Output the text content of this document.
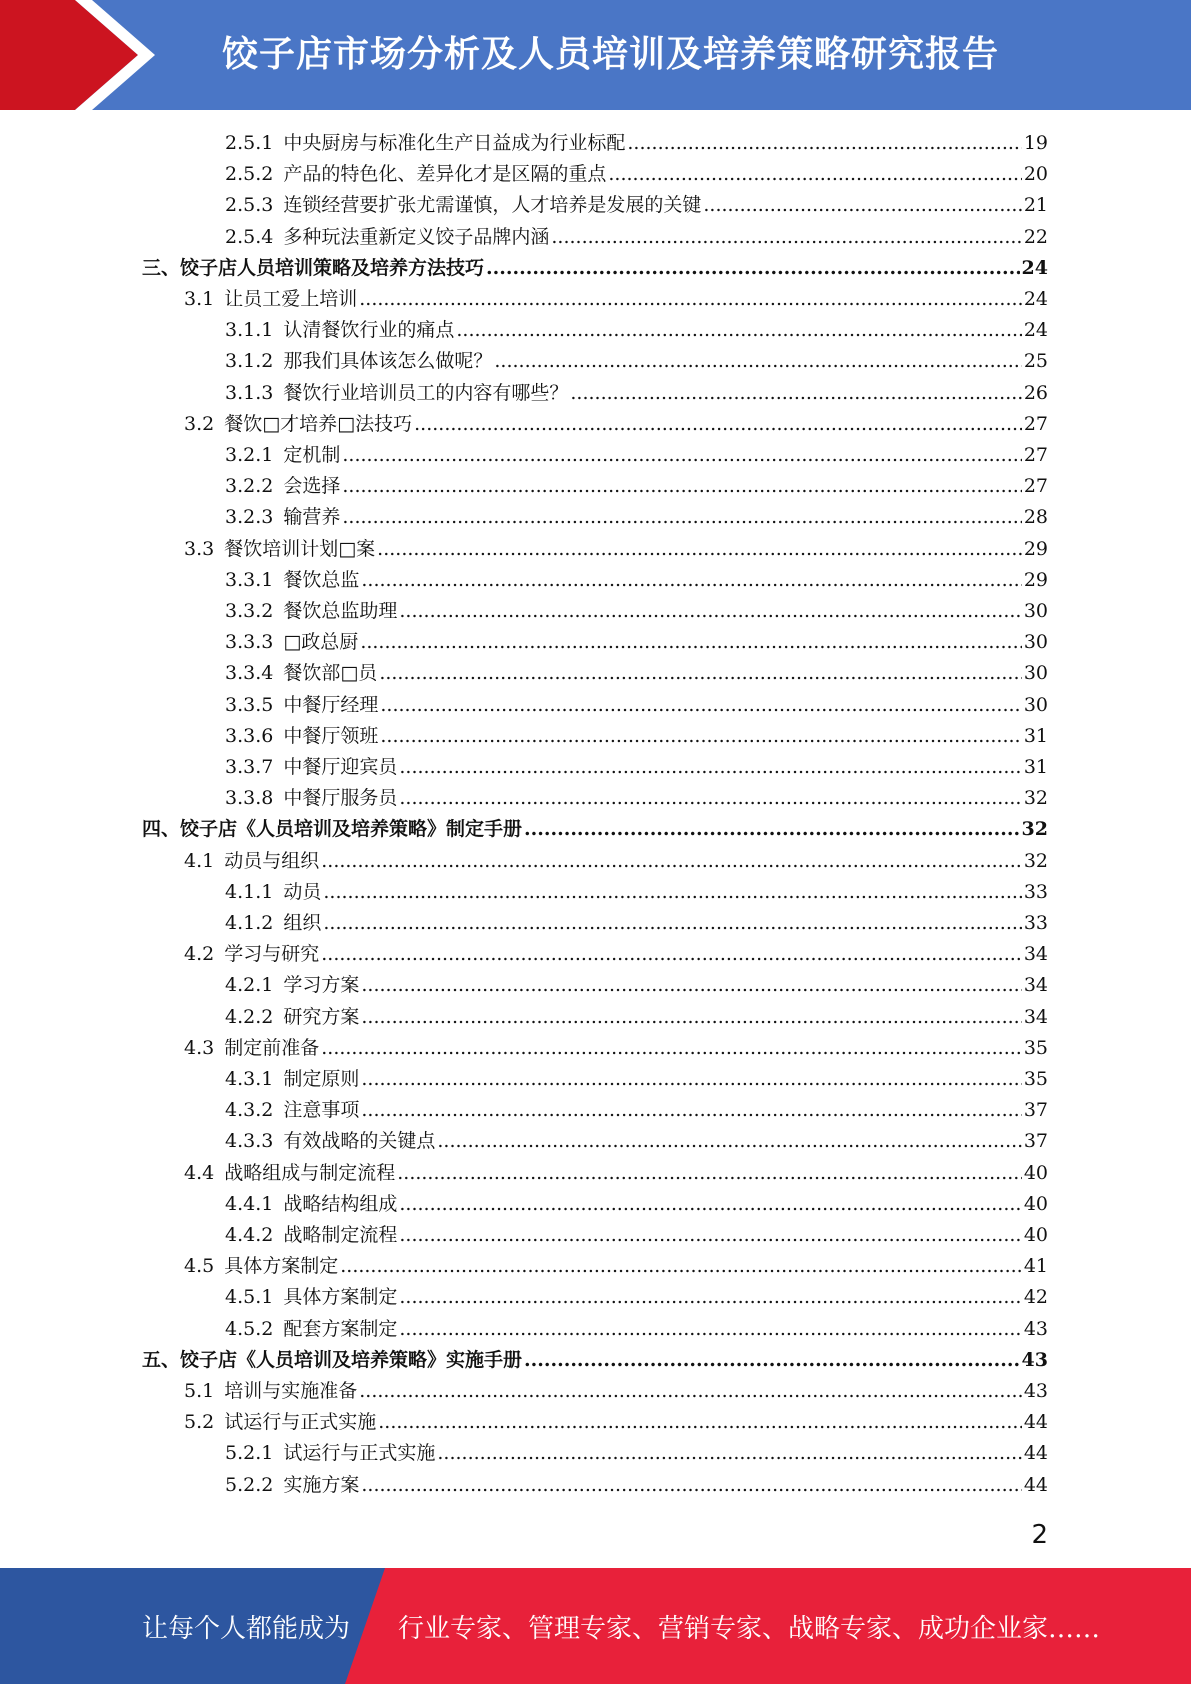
饺子店市场分析及人员培训及培养策略研究报告
2.5.1 中央厨房与标准化生产日益成为行业标配 .....	19
2.5.2 产品的特色化、差异化才是区隔的重点 .....	20
2.5.3 连锁经营要扩张尤需谨慎，人才培养是发展的关键 .....	21
2.5.4 多种玩法重新定义饺子品牌内涵 .....	22
三、饺子店人员培训策略及培养方法技巧 .....	24
3.1 让员工爱上培训 .....	24
3.1.1 认清餐饮行业的痛点 .....	24
3.1.2 那我们具体该怎么做呢？ .....	25
3.1.3 餐饮行业培训员工的内容有哪些？ .....	26
3.2 餐饮□才培养□法技巧 .....	27
3.2.1 定机制 .....	27
3.2.2 会选择 .....	27
3.2.3 输营养 .....	28
3.3 餐饮培训计划□案 .....	29
3.3.1 餐饮总监 .....	29
3.3.2 餐饮总监助理 .....	30
3.3.3 □政总厨 .....	30
3.3.4 餐饮部□员 .....	30
3.3.5 中餐厅经理 .....	30
3.3.6 中餐厅领班 .....	31
3.3.7 中餐厅迎宾员 .....	31
3.3.8 中餐厅服务员 .....	32
四、饺子店《人员培训及培养策略》制定手册 .....	32
4.1 动员与组织 .....	32
4.1.1 动员 .....	33
4.1.2 组织 .....	33
4.2 学习与研究 .....	34
4.2.1 学习方案 .....	34
4.2.2 研究方案 .....	34
4.3 制定前准备 .....	35
4.3.1 制定原则 .....	35
4.3.2 注意事项 .....	37
4.3.3 有效战略的关键点 .....	37
4.4 战略组成与制定流程 .....	40
4.4.1 战略结构组成 .....	40
4.4.2 战略制定流程 .....	40
4.5 具体方案制定 .....	41
4.5.1 具体方案制定 .....	42
4.5.2 配套方案制定 .....	43
五、饺子店《人员培训及培养策略》实施手册 .....	43
5.1 培训与实施准备 .....	43
5.2 试运行与正式实施 .....	44
5.2.1 试运行与正式实施 .....	44
5.2.2 实施方案 .....	44
2
让每个人都能成为 行业专家、管理专家、营销专家、战略专家、成功企业家……
